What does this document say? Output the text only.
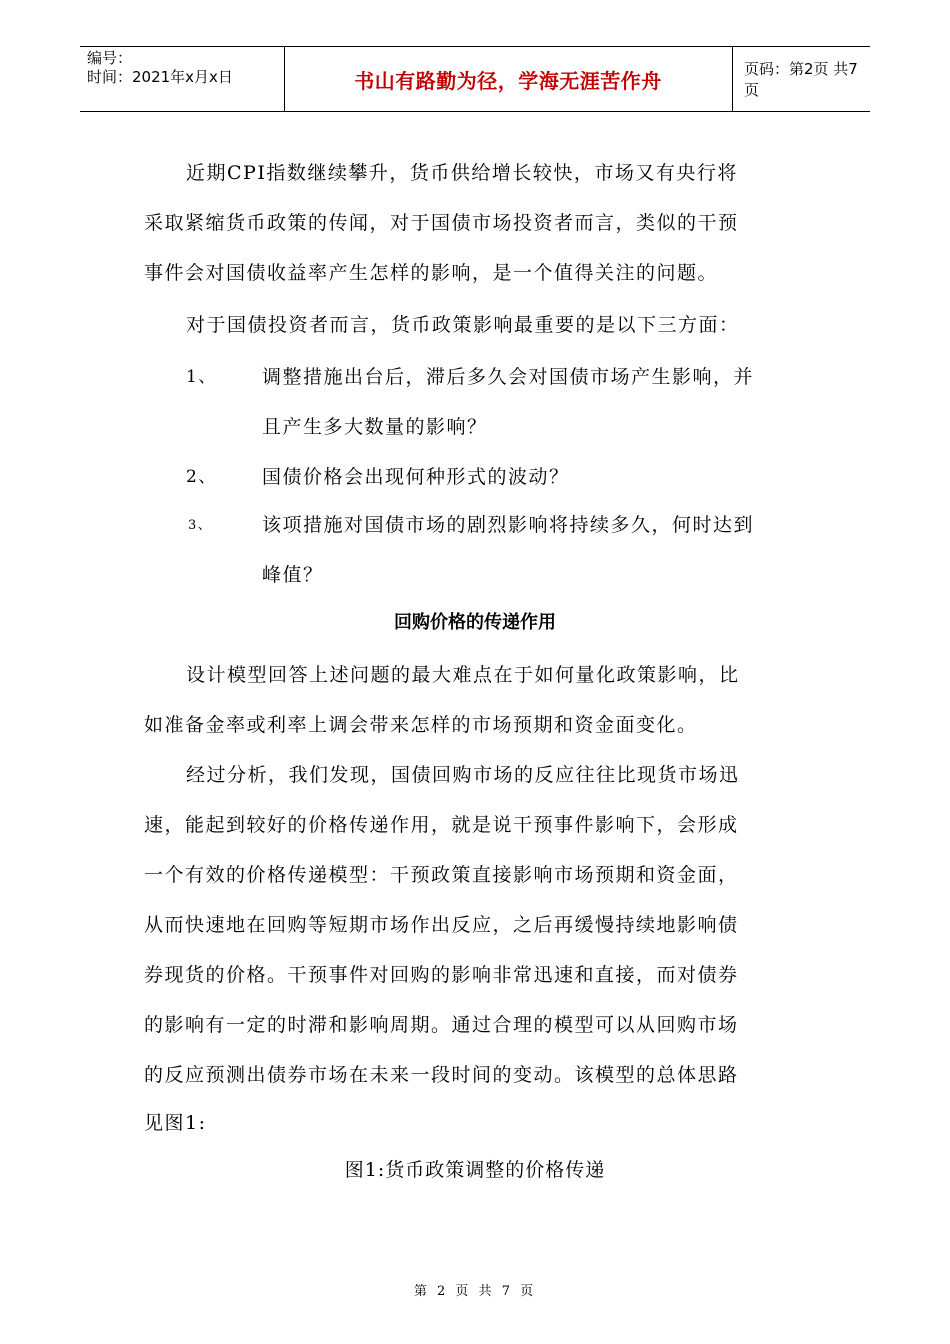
编号：
时间：2021年x月x日	书山有路勤为径，学海无涯苦作舟	页码：第2页 共7页
近期CPI指数继续攀升，货币供给增长较快，市场又有央行将
采取紧缩货币政策的传闻，对于国债市场投资者而言，类似的干预
事件会对国债收益率产生怎样的影响，是一个值得关注的问题。
对于国债投资者而言，货币政策影响最重要的是以下三方面：
1、 调整措施出台后，滞后多久会对国债市场产生影响，并
且产生多大数量的影响？
2、 国债价格会出现何种形式的波动？
3、	该项措施对国债市场的剧烈影响将持续多久，何时达到
峰值？
回购价格的传递作用
设计模型回答上述问题的最大难点在于如何量化政策影响，比
如准备金率或利率上调会带来怎样的市场预期和资金面变化。
经过分析，我们发现，国债回购市场的反应往往比现货市场迅
速，能起到较好的价格传递作用，就是说干预事件影响下，会形成
一个有效的价格传递模型：干预政策直接影响市场预期和资金面，
从而快速地在回购等短期市场作出反应，之后再缓慢持续地影响债
券现货的价格。干预事件对回购的影响非常迅速和直接，而对债券
的影响有一定的时滞和影响周期。通过合理的模型可以从回购市场
的反应预测出债券市场在未来一段时间的变动。该模型的总体思路
见图1:
图1:货币政策调整的价格传递
第 2 页 共 7 页
